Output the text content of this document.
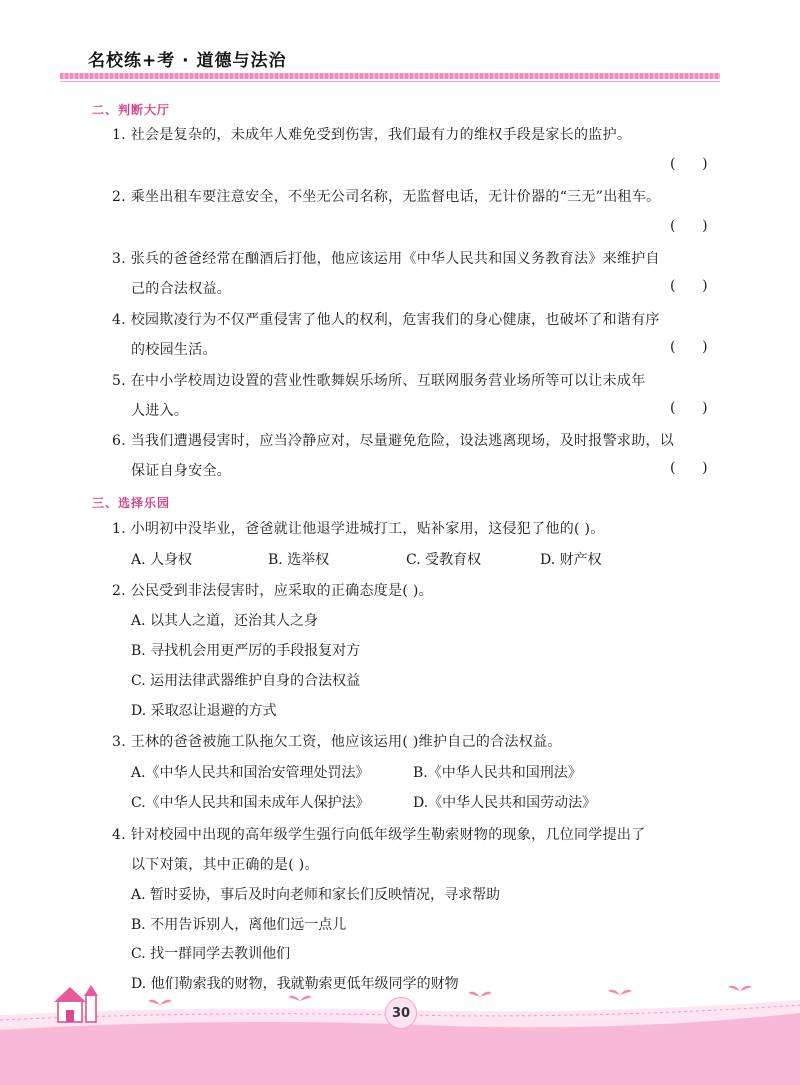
名校练+考 · 道德与法治
二、判断大厅
1. 社会是复杂的，未成年人难免受到伤害，我们最有力的维权手段是家长的监护。
(      )
2. 乘坐出租车要注意安全，不坐无公司名称，无监督电话，无计价器的“三无”出租车。
(      )
3. 张兵的爸爸经常在酗酒后打他，他应该运用《中华人民共和国义务教育法》来维护自
己的合法权益。	(      )
4. 校园欺凌行为不仅严重侵害了他人的权利，危害我们的身心健康，也破坏了和谐有序
的校园生活。	(      )
5. 在中小学校周边设置的营业性歌舞娱乐场所、互联网服务营业场所等可以让未成年
人进入。	(      )
6. 当我们遭遇侵害时，应当冷静应对，尽量避免危险，设法逃离现场，及时报警求助，以
保证自身安全。	(      )
三、选择乐园
1. 小明初中没毕业，爸爸就让他退学进城打工，贴补家用，这侵犯了他的( )。
A. 人身权	B. 选举权	C. 受教育权	D. 财产权
2. 公民受到非法侵害时，应采取的正确态度是( )。
A. 以其人之道，还治其人之身
B. 寻找机会用更严厉的手段报复对方
C. 运用法律武器维护自身的合法权益
D. 采取忍让退避的方式
3. 王林的爸爸被施工队拖欠工资，他应该运用( )维护自己的合法权益。
A.《中华人民共和国治安管理处罚法》	B.《中华人民共和国刑法》
C.《中华人民共和国未成年人保护法》	D.《中华人民共和国劳动法》
4. 针对校园中出现的高年级学生强行向低年级学生勒索财物的现象，几位同学提出了
以下对策，其中正确的是( )。
A. 暂时妥协，事后及时向老师和家长们反映情况，寻求帮助
B. 不用告诉别人，离他们远一点儿
C. 找一群同学去教训他们
D. 他们勒索我的财物，我就勒索更低年级同学的财物
30
